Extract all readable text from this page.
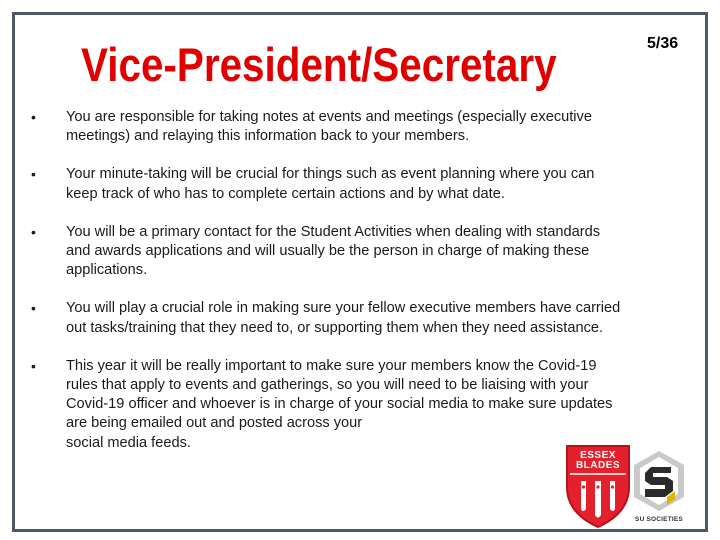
Vice-President/Secretary	5/36
• You are responsible for taking notes at events and meetings (especially executive
meetings) and relaying this information back to your members.
• Your minute-taking will be crucial for things such as event planning where you can
keep track of who has to complete certain actions and by what date.
• You will be a primary contact for the Student Activities when dealing with standards
and awards applications and will usually be the person in charge of making these
applications.
• You will play a crucial role in making sure your fellow executive members have carried
out tasks/training that they need to, or supporting them when they need assistance.
• This year it will be really important to make sure your members know the Covid-19
rules that apply to events and gatherings, so you will need to be liaising with your
Covid-19 officer and whoever is in charge of your social media to make sure updates
are being emailed out and posted across your
social media feeds.
ESSEX
BLADES
SU SOCIETIES
